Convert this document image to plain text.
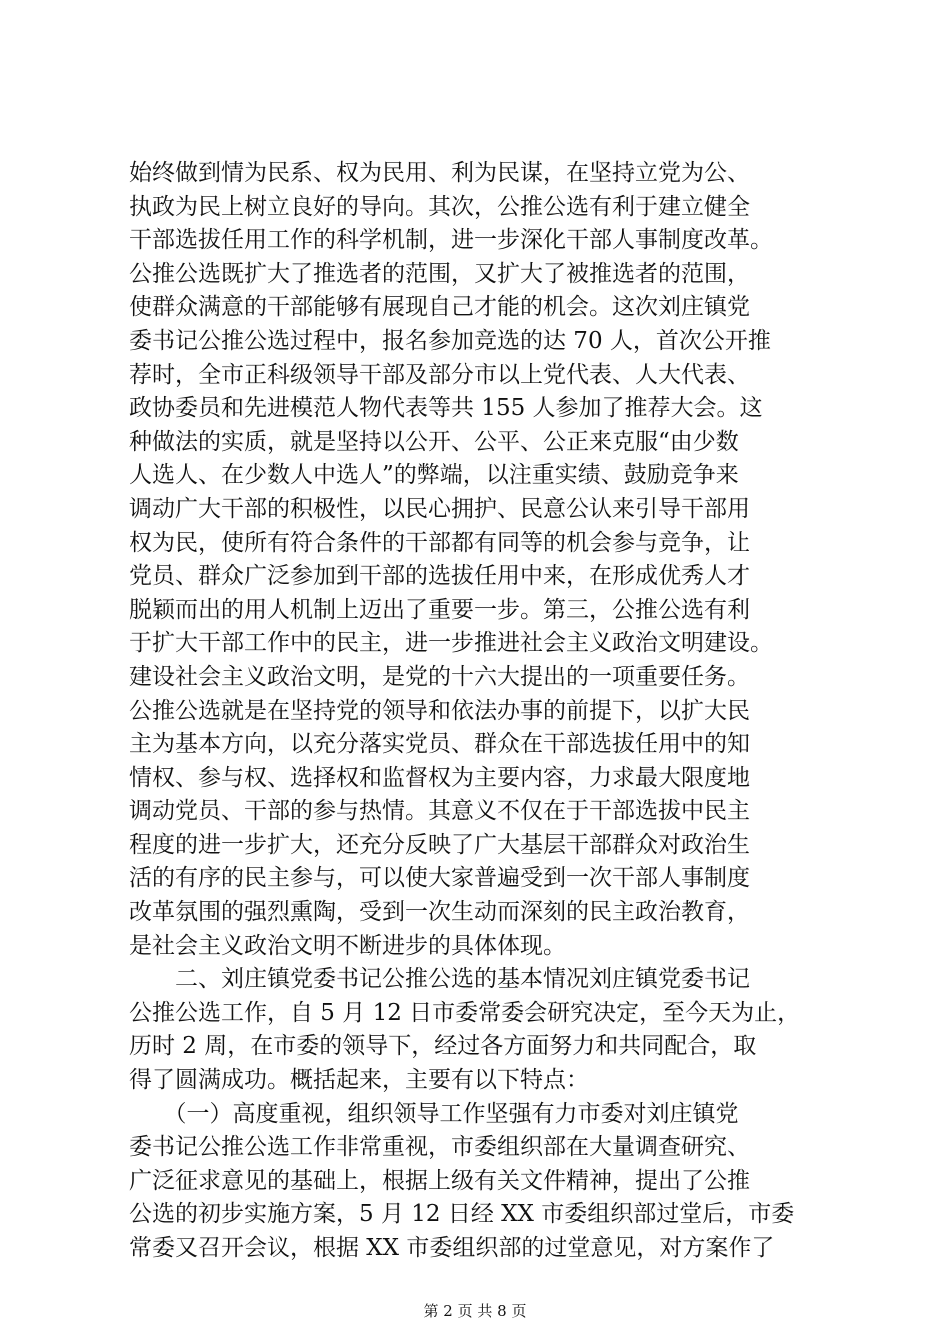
始终做到情为民系、权为民用、利为民谋，在坚持立党为公、
执政为民上树立良好的导向。其次，公推公选有利于建立健全
干部选拔任用工作的科学机制，进一步深化干部人事制度改革。
公推公选既扩大了推选者的范围，又扩大了被推选者的范围，
使群众满意的干部能够有展现自己才能的机会。这次刘庄镇党
委书记公推公选过程中，报名参加竞选的达 70 人，首次公开推
荐时，全市正科级领导干部及部分市以上党代表、人大代表、
政协委员和先进模范人物代表等共 155 人参加了推荐大会。这
种做法的实质，就是坚持以公开、公平、公正来克服“由少数
人选人、在少数人中选人”的弊端，以注重实绩、鼓励竞争来
调动广大干部的积极性，以民心拥护、民意公认来引导干部用
权为民，使所有符合条件的干部都有同等的机会参与竞争，让
党员、群众广泛参加到干部的选拔任用中来，在形成优秀人才
脱颖而出的用人机制上迈出了重要一步。第三，公推公选有利
于扩大干部工作中的民主，进一步推进社会主义政治文明建设。
建设社会主义政治文明，是党的十六大提出的一项重要任务。
公推公选就是在坚持党的领导和依法办事的前提下，以扩大民
主为基本方向，以充分落实党员、群众在干部选拔任用中的知
情权、参与权、选择权和监督权为主要内容，力求最大限度地
调动党员、干部的参与热情。其意义不仅在于干部选拔中民主
程度的进一步扩大，还充分反映了广大基层干部群众对政治生
活的有序的民主参与，可以使大家普遍受到一次干部人事制度
改革氛围的强烈熏陶，受到一次生动而深刻的民主政治教育，
是社会主义政治文明不断进步的具体体现。
　　二、刘庄镇党委书记公推公选的基本情况刘庄镇党委书记
公推公选工作，自 5 月 12 日市委常委会研究决定，至今天为止，
历时 2 周，在市委的领导下，经过各方面努力和共同配合，取
得了圆满成功。概括起来，主要有以下特点：
　　（一）高度重视，组织领导工作坚强有力市委对刘庄镇党
委书记公推公选工作非常重视，市委组织部在大量调查研究、
广泛征求意见的基础上，根据上级有关文件精神，提出了公推
公选的初步实施方案，5 月 12 日经 XX 市委组织部过堂后，市委
常委又召开会议，根据 XX 市委组织部的过堂意见，对方案作了
第 2 页 共 8 页
